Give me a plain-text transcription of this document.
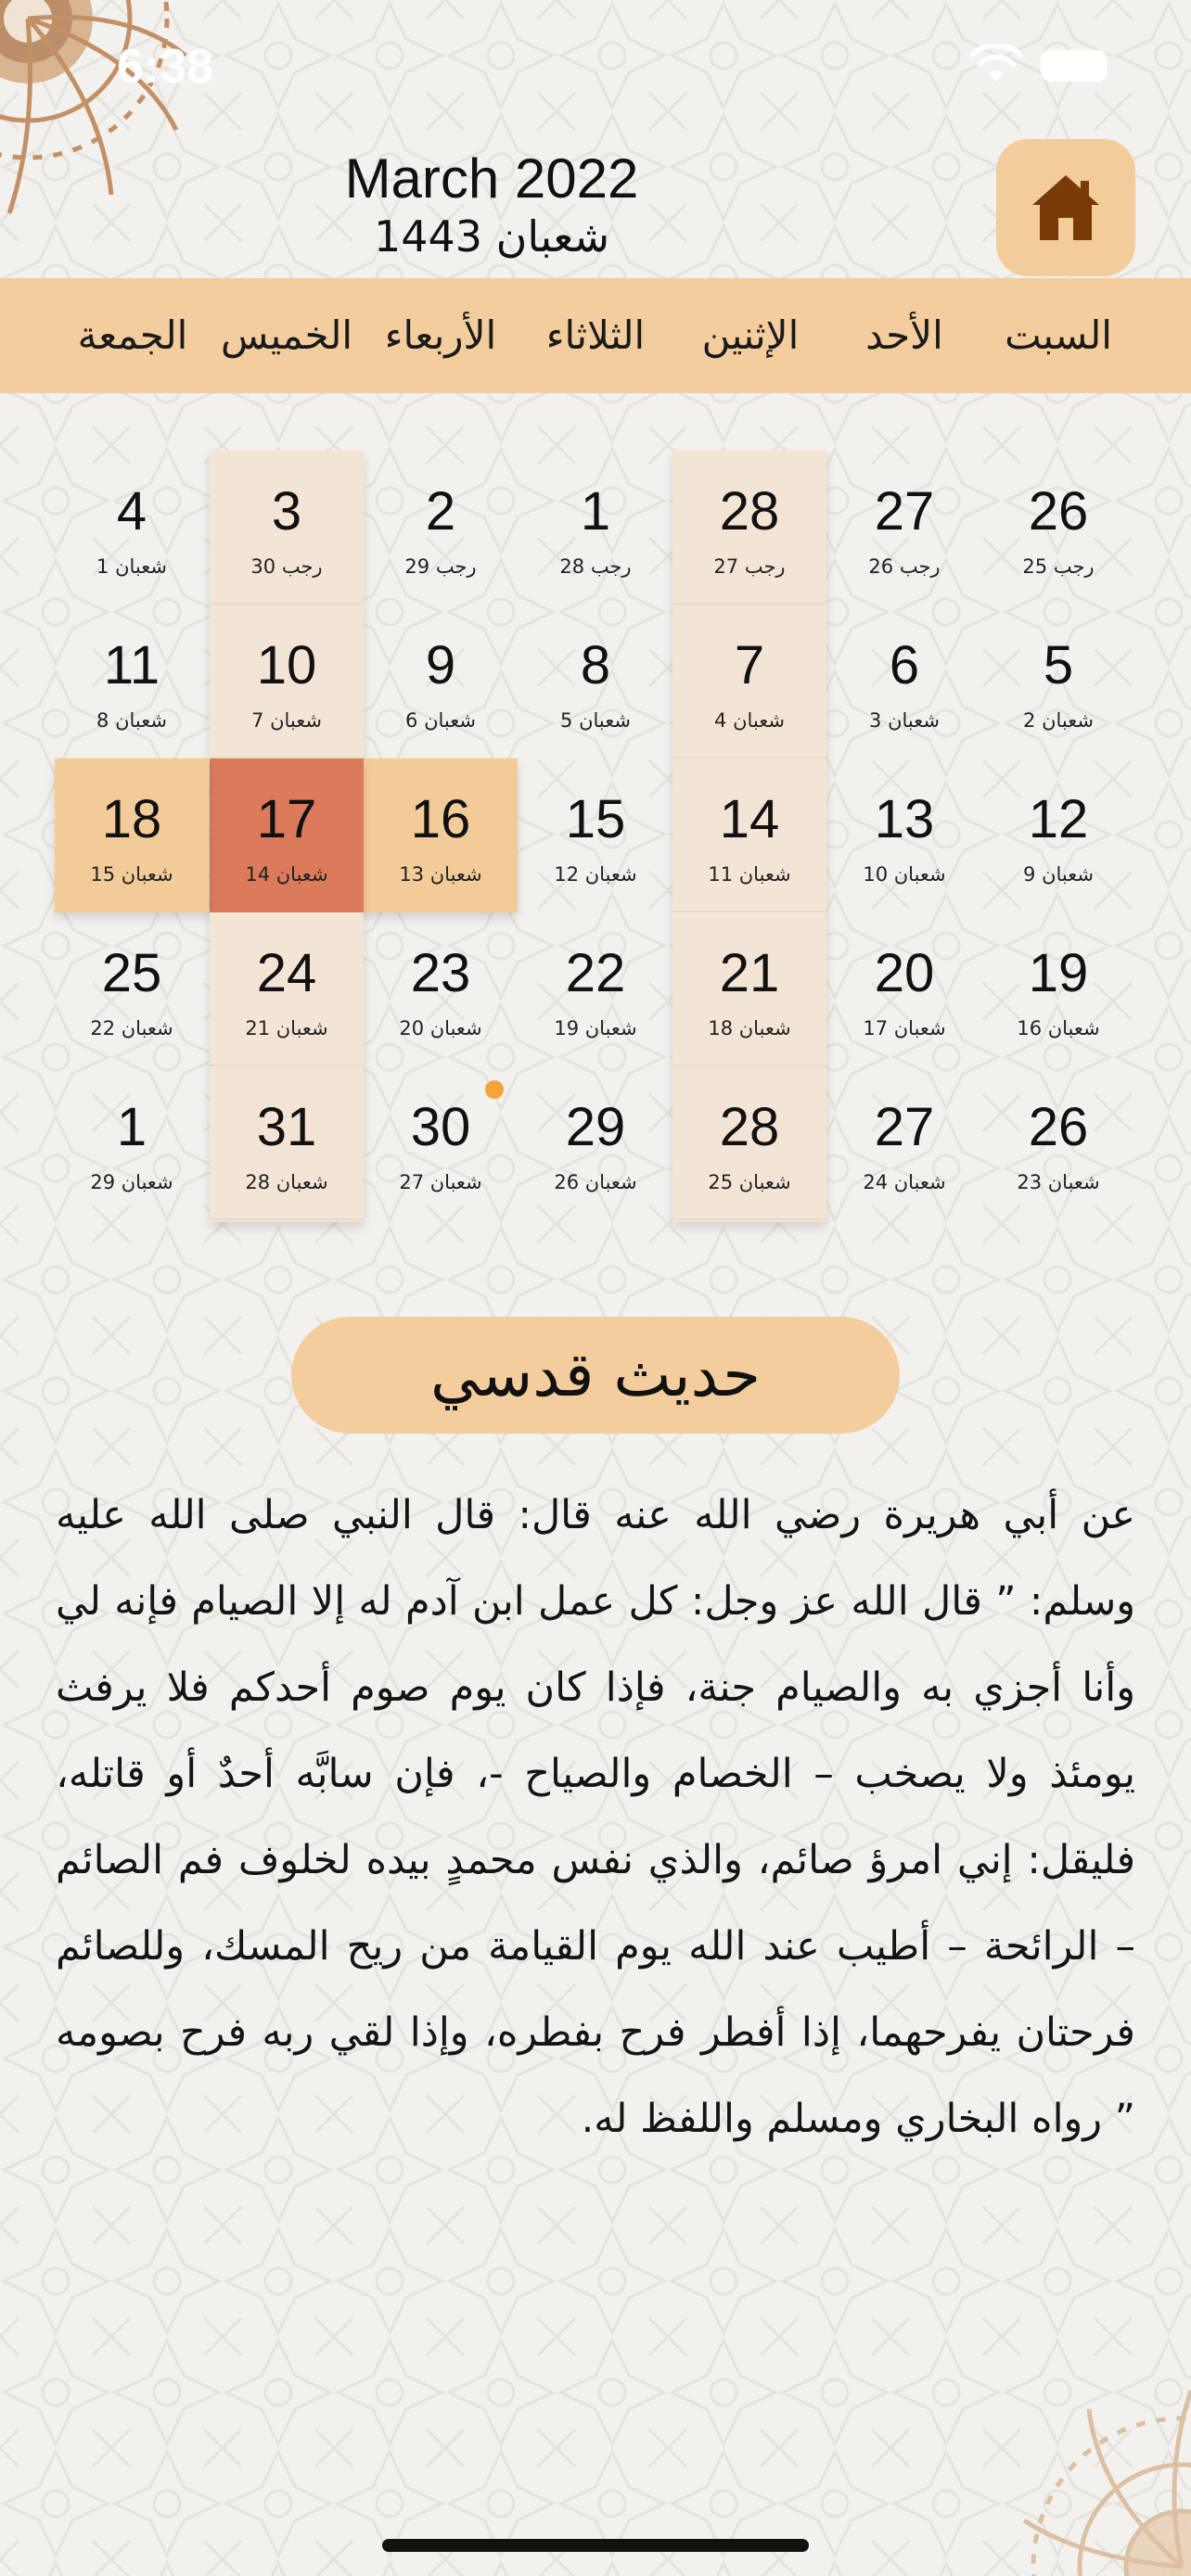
6:38
March 2022
شعبان 1443
السبت
الأحد
الإثنين
الثلاثاء
الأربعاء
الخميس
الجمعة
26
25 رجب
27
26 رجب
28
27 رجب
1
28 رجب
2
29 رجب
3
30 رجب
4
1 شعبان
5
2 شعبان
6
3 شعبان
7
4 شعبان
8
5 شعبان
9
6 شعبان
10
7 شعبان
11
8 شعبان
12
9 شعبان
13
10 شعبان
14
11 شعبان
15
12 شعبان
16
13 شعبان
17
14 شعبان
18
15 شعبان
19
16 شعبان
20
17 شعبان
21
18 شعبان
22
19 شعبان
23
20 شعبان
24
21 شعبان
25
22 شعبان
26
23 شعبان
27
24 شعبان
28
25 شعبان
29
26 شعبان
30
27 شعبان
31
28 شعبان
1
29 شعبان
حديث قدسي
عن أبي هريرة رضي الله عنه قال: قال النبي صلى الله عليه وسلم: ” قال الله عز وجل: كل عمل ابن آدم له إلا الصيام فإنه لي وأنا أجزي به والصيام جنة، فإذا كان يوم صوم أحدكم فلا يرفث يومئذ ولا يصخب – الخصام والصياح -، فإن سابَّه أحدٌ أو قاتله، فليقل: إني امرؤ صائم، والذي نفس محمدٍ بيده لخلوف فم الصائم – الرائحة – أطيب عند الله يوم القيامة من ريح المسك، وللصائم فرحتان يفرحهما، إذا أفطر فرح بفطره، وإذا لقي ربه فرح بصومه ” رواه البخاري ومسلم واللفظ له.
